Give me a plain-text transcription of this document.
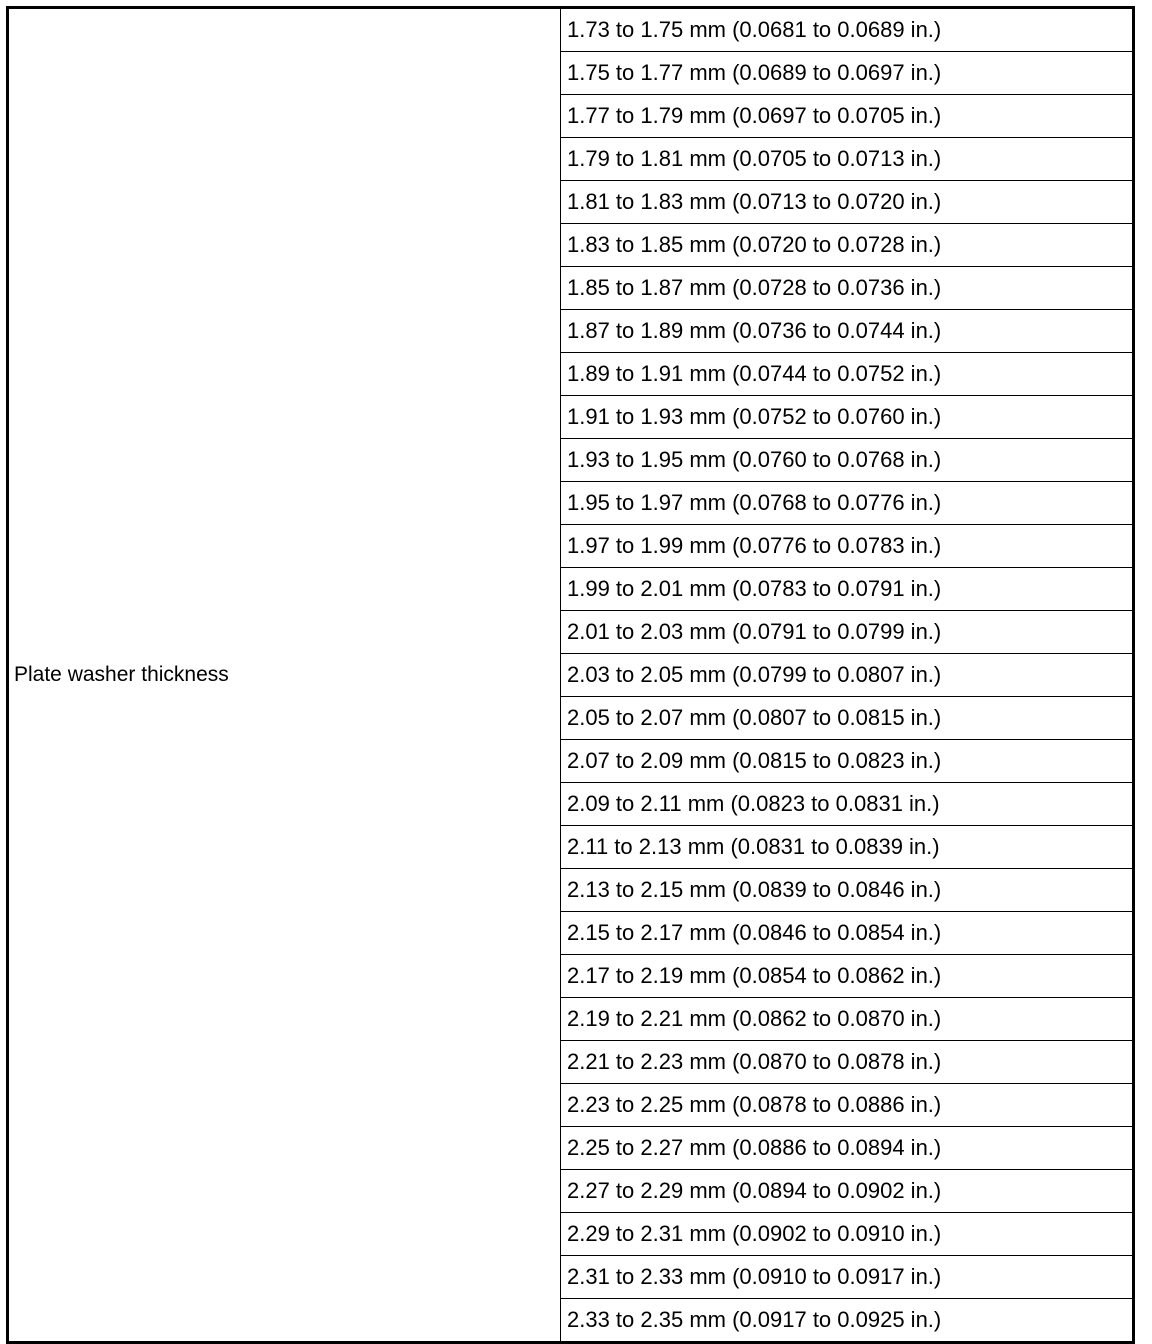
Plate washer thickness	1.73 to 1.75 mm (0.0681 to 0.0689 in.)
1.75 to 1.77 mm (0.0689 to 0.0697 in.)
1.77 to 1.79 mm (0.0697 to 0.0705 in.)
1.79 to 1.81 mm (0.0705 to 0.0713 in.)
1.81 to 1.83 mm (0.0713 to 0.0720 in.)
1.83 to 1.85 mm (0.0720 to 0.0728 in.)
1.85 to 1.87 mm (0.0728 to 0.0736 in.)
1.87 to 1.89 mm (0.0736 to 0.0744 in.)
1.89 to 1.91 mm (0.0744 to 0.0752 in.)
1.91 to 1.93 mm (0.0752 to 0.0760 in.)
1.93 to 1.95 mm (0.0760 to 0.0768 in.)
1.95 to 1.97 mm (0.0768 to 0.0776 in.)
1.97 to 1.99 mm (0.0776 to 0.0783 in.)
1.99 to 2.01 mm (0.0783 to 0.0791 in.)
2.01 to 2.03 mm (0.0791 to 0.0799 in.)
2.03 to 2.05 mm (0.0799 to 0.0807 in.)
2.05 to 2.07 mm (0.0807 to 0.0815 in.)
2.07 to 2.09 mm (0.0815 to 0.0823 in.)
2.09 to 2.11 mm (0.0823 to 0.0831 in.)
2.11 to 2.13 mm (0.0831 to 0.0839 in.)
2.13 to 2.15 mm (0.0839 to 0.0846 in.)
2.15 to 2.17 mm (0.0846 to 0.0854 in.)
2.17 to 2.19 mm (0.0854 to 0.0862 in.)
2.19 to 2.21 mm (0.0862 to 0.0870 in.)
2.21 to 2.23 mm (0.0870 to 0.0878 in.)
2.23 to 2.25 mm (0.0878 to 0.0886 in.)
2.25 to 2.27 mm (0.0886 to 0.0894 in.)
2.27 to 2.29 mm (0.0894 to 0.0902 in.)
2.29 to 2.31 mm (0.0902 to 0.0910 in.)
2.31 to 2.33 mm (0.0910 to 0.0917 in.)
2.33 to 2.35 mm (0.0917 to 0.0925 in.)
